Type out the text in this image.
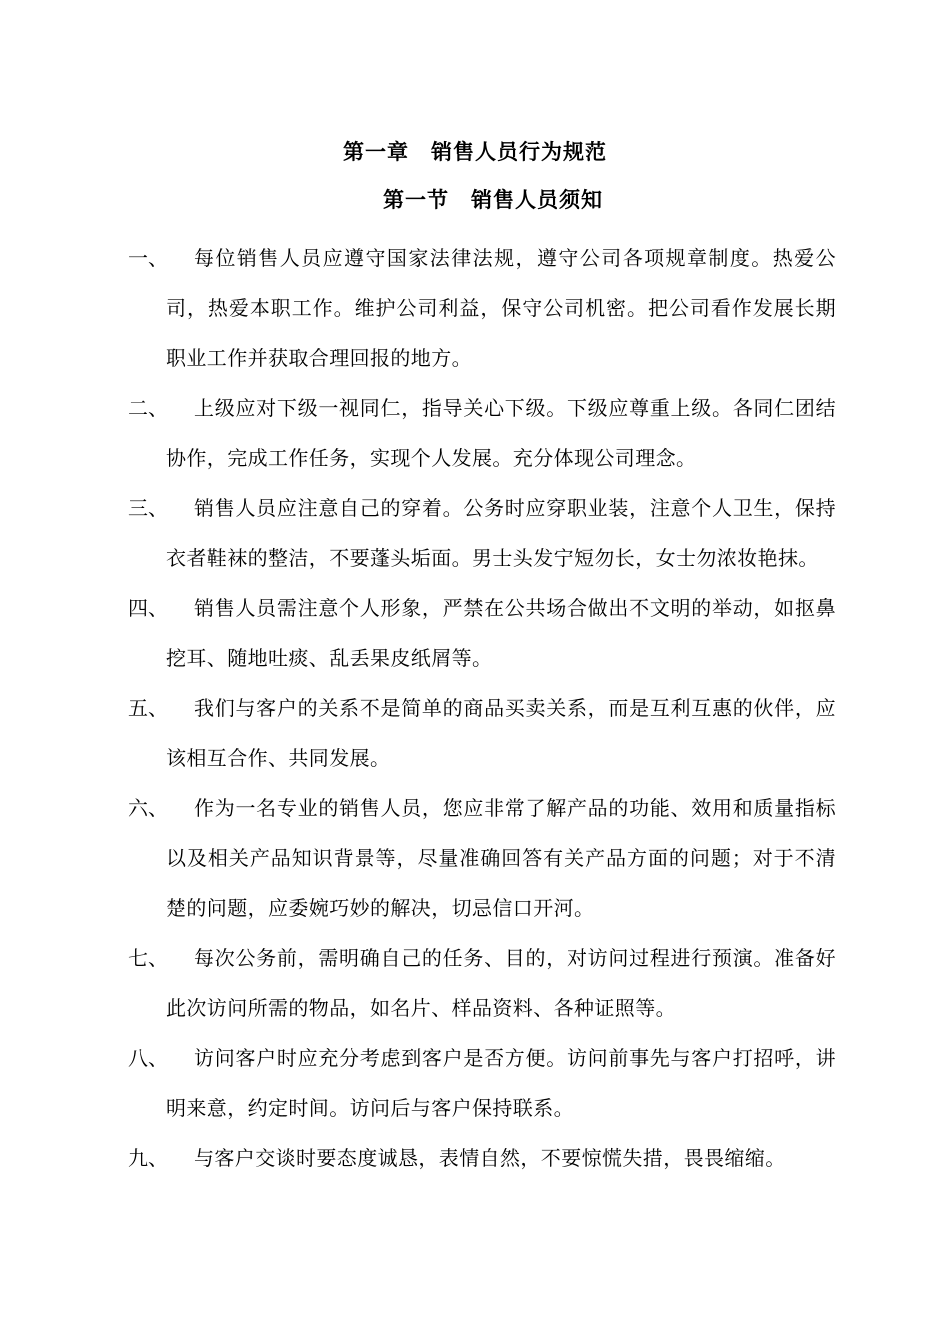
第一章 销售人员行为规范
第一节 销售人员须知
一、	每位销售人员应遵守国家法律法规，遵守公司各项规章制度。热爱公司，热爱本职工作。维护公司利益，保守公司机密。把公司看作发展长期职业工作并获取合理回报的地方。
二、	上级应对下级一视同仁，指导关心下级。下级应尊重上级。各同仁团结协作，完成工作任务，实现个人发展。充分体现公司理念。
三、	销售人员应注意自己的穿着。公务时应穿职业装，注意个人卫生，保持衣者鞋袜的整洁，不要蓬头垢面。男士头发宁短勿长，女士勿浓妆艳抹。
四、	销售人员需注意个人形象，严禁在公共场合做出不文明的举动，如抠鼻挖耳、随地吐痰、乱丢果皮纸屑等。
五、	我们与客户的关系不是简单的商品买卖关系，而是互利互惠的伙伴，应该相互合作、共同发展。
六、	作为一名专业的销售人员，您应非常了解产品的功能、效用和质量指标以及相关产品知识背景等，尽量准确回答有关产品方面的问题；对于不清楚的问题，应委婉巧妙的解决，切忌信口开河。
七、	每次公务前，需明确自己的任务、目的，对访问过程进行预演。准备好此次访问所需的物品，如名片、样品资料、各种证照等。
八、	访问客户时应充分考虑到客户是否方便。访问前事先与客户打招呼，讲明来意，约定时间。访问后与客户保持联系。
九、	与客户交谈时要态度诚恳，表情自然，不要惊慌失措，畏畏缩缩。
